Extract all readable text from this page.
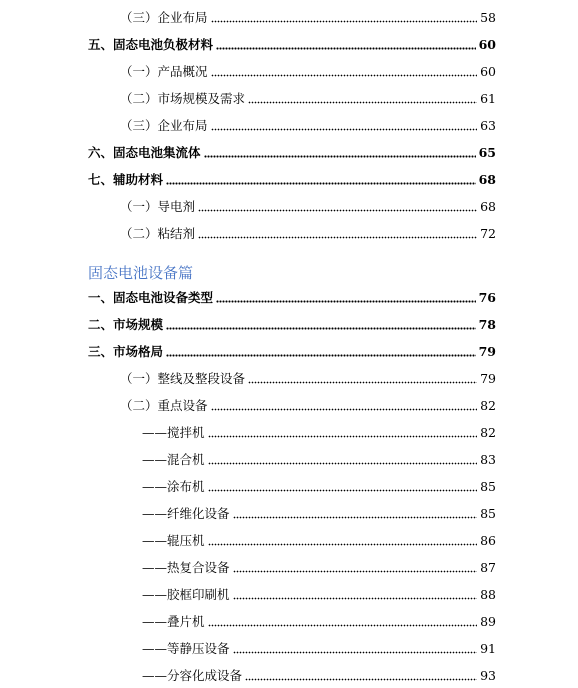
固态电池设备篇
（三）企业布局	58
五、固态电池负极材料	60
（一）产品概况	60
（二）市场规模及需求	61
（三）企业布局	63
六、固态电池集流体	65
七、辅助材料	68
（一）导电剂	68
（二）粘结剂	72
一、固态电池设备类型	76
二、市场规模	78
三、市场格局	79
（一）整线及整段设备	79
（二）重点设备	82
——搅拌机	82
——混合机	83
——涂布机	85
——纤维化设备	85
——辊压机	86
——热复合设备	87
——胶框印刷机	88
——叠片机	89
——等静压设备	91
——分容化成设备	93
